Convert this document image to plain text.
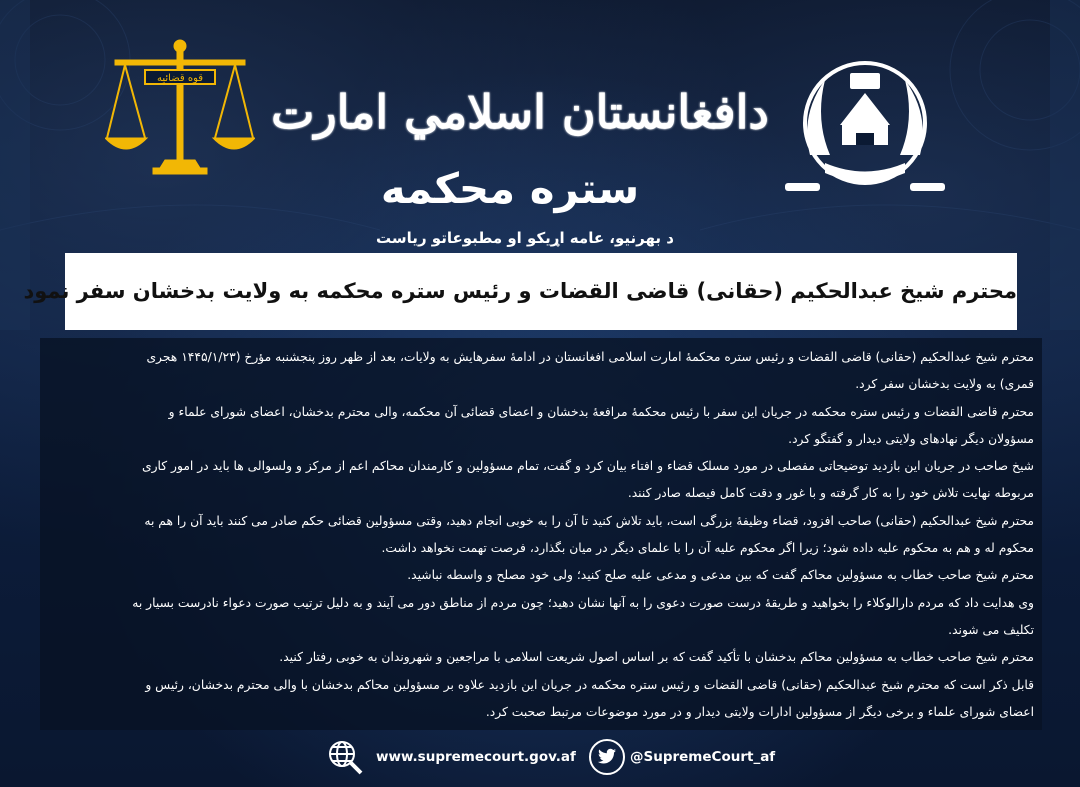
قوه قضائيه
دافغانستان اسلامي امارت
ستره محکمه
د بهرنيو، عامه اړيکو او مطبوعاتو رياست
محترم شیخ عبدالحکیم (حقانی) قاضی القضات و رئیس ستره محکمه به ولایت بدخشان سفر نمود

محترم شیخ عبدالحکیم (حقانی) قاضی القضات و رئیس ستره محکمهٔ امارت اسلامی افغانستان در ادامهٔ سفرهایش به ولایات، بعد از ظهر روز پنجشنبه مؤرخ (۱۴۴۵/۱/۲۳ هجری

قمری) به ولایت بدخشان سفر کرد.

محترم قاضی القضات و رئیس ستره محکمه در جریان این سفر با رئیس محکمهٔ مرافعهٔ بدخشان و اعضای قضائی آن محکمه، والی محترم بدخشان، اعضای شورای علماء و

مسؤولان دیگر نهادهای ولایتی دیدار و گفتگو کرد.

شیخ صاحب در جریان این بازدید توضیحاتی مفصلی در مورد مسلک قضاء و افتاء بیان کرد و گفت، تمام مسؤولین و کارمندان محاکم اعم از مرکز و ولسوالی ها باید در امور کاری

مربوطه نهایت تلاش خود را به کار گرفته و با غور و دقت کامل فیصله صادر کنند.

محترم شیخ عبدالحکیم (حقانی) صاحب افزود، قضاء وظیفهٔ بزرگی است، باید تلاش کنید تا آن را به خوبی انجام دهید، وقتی مسؤولین قضائی حکم صادر می کنند باید آن را هم به

محکوم له و هم به محکوم علیه داده شود؛ زیرا اگر محکوم علیه آن را با علمای دیگر در میان بگذارد، فرصت تهمت نخواهد داشت.

محترم شیخ صاحب خطاب به مسؤولین محاکم گفت که بین مدعی و مدعی علیه صلح کنید؛ ولی خود مصلح و واسطه نباشید.

وی هدایت داد که مردم دارالوکلاء را بخواهید و طریقهٔ درست صورت دعوی را به آنها نشان دهید؛ چون مردم از مناطق دور می آیند و به دلیل ترتیب صورت دعواء نادرست بسیار به

تکلیف می شوند.

محترم شیخ صاحب خطاب به مسؤولین محاکم بدخشان با تأکید گفت که بر اساس اصول شریعت اسلامی با مراجعین و شهروندان به خوبی رفتار کنید.

قابل ذکر است که محترم شیخ عبدالحکیم (حقانی) قاضی القضات و رئیس ستره محکمه در جریان این بازدید علاوه بر مسؤولین محاکم بدخشان با والی محترم بدخشان، رئیس و

اعضای شورای علماء و برخی دیگر از مسؤولین ادارات ولایتی دیدار و در مورد موضوعات مرتبط صحبت کرد.

www.supremecourt.gov.af	@SupremeCourt_af
